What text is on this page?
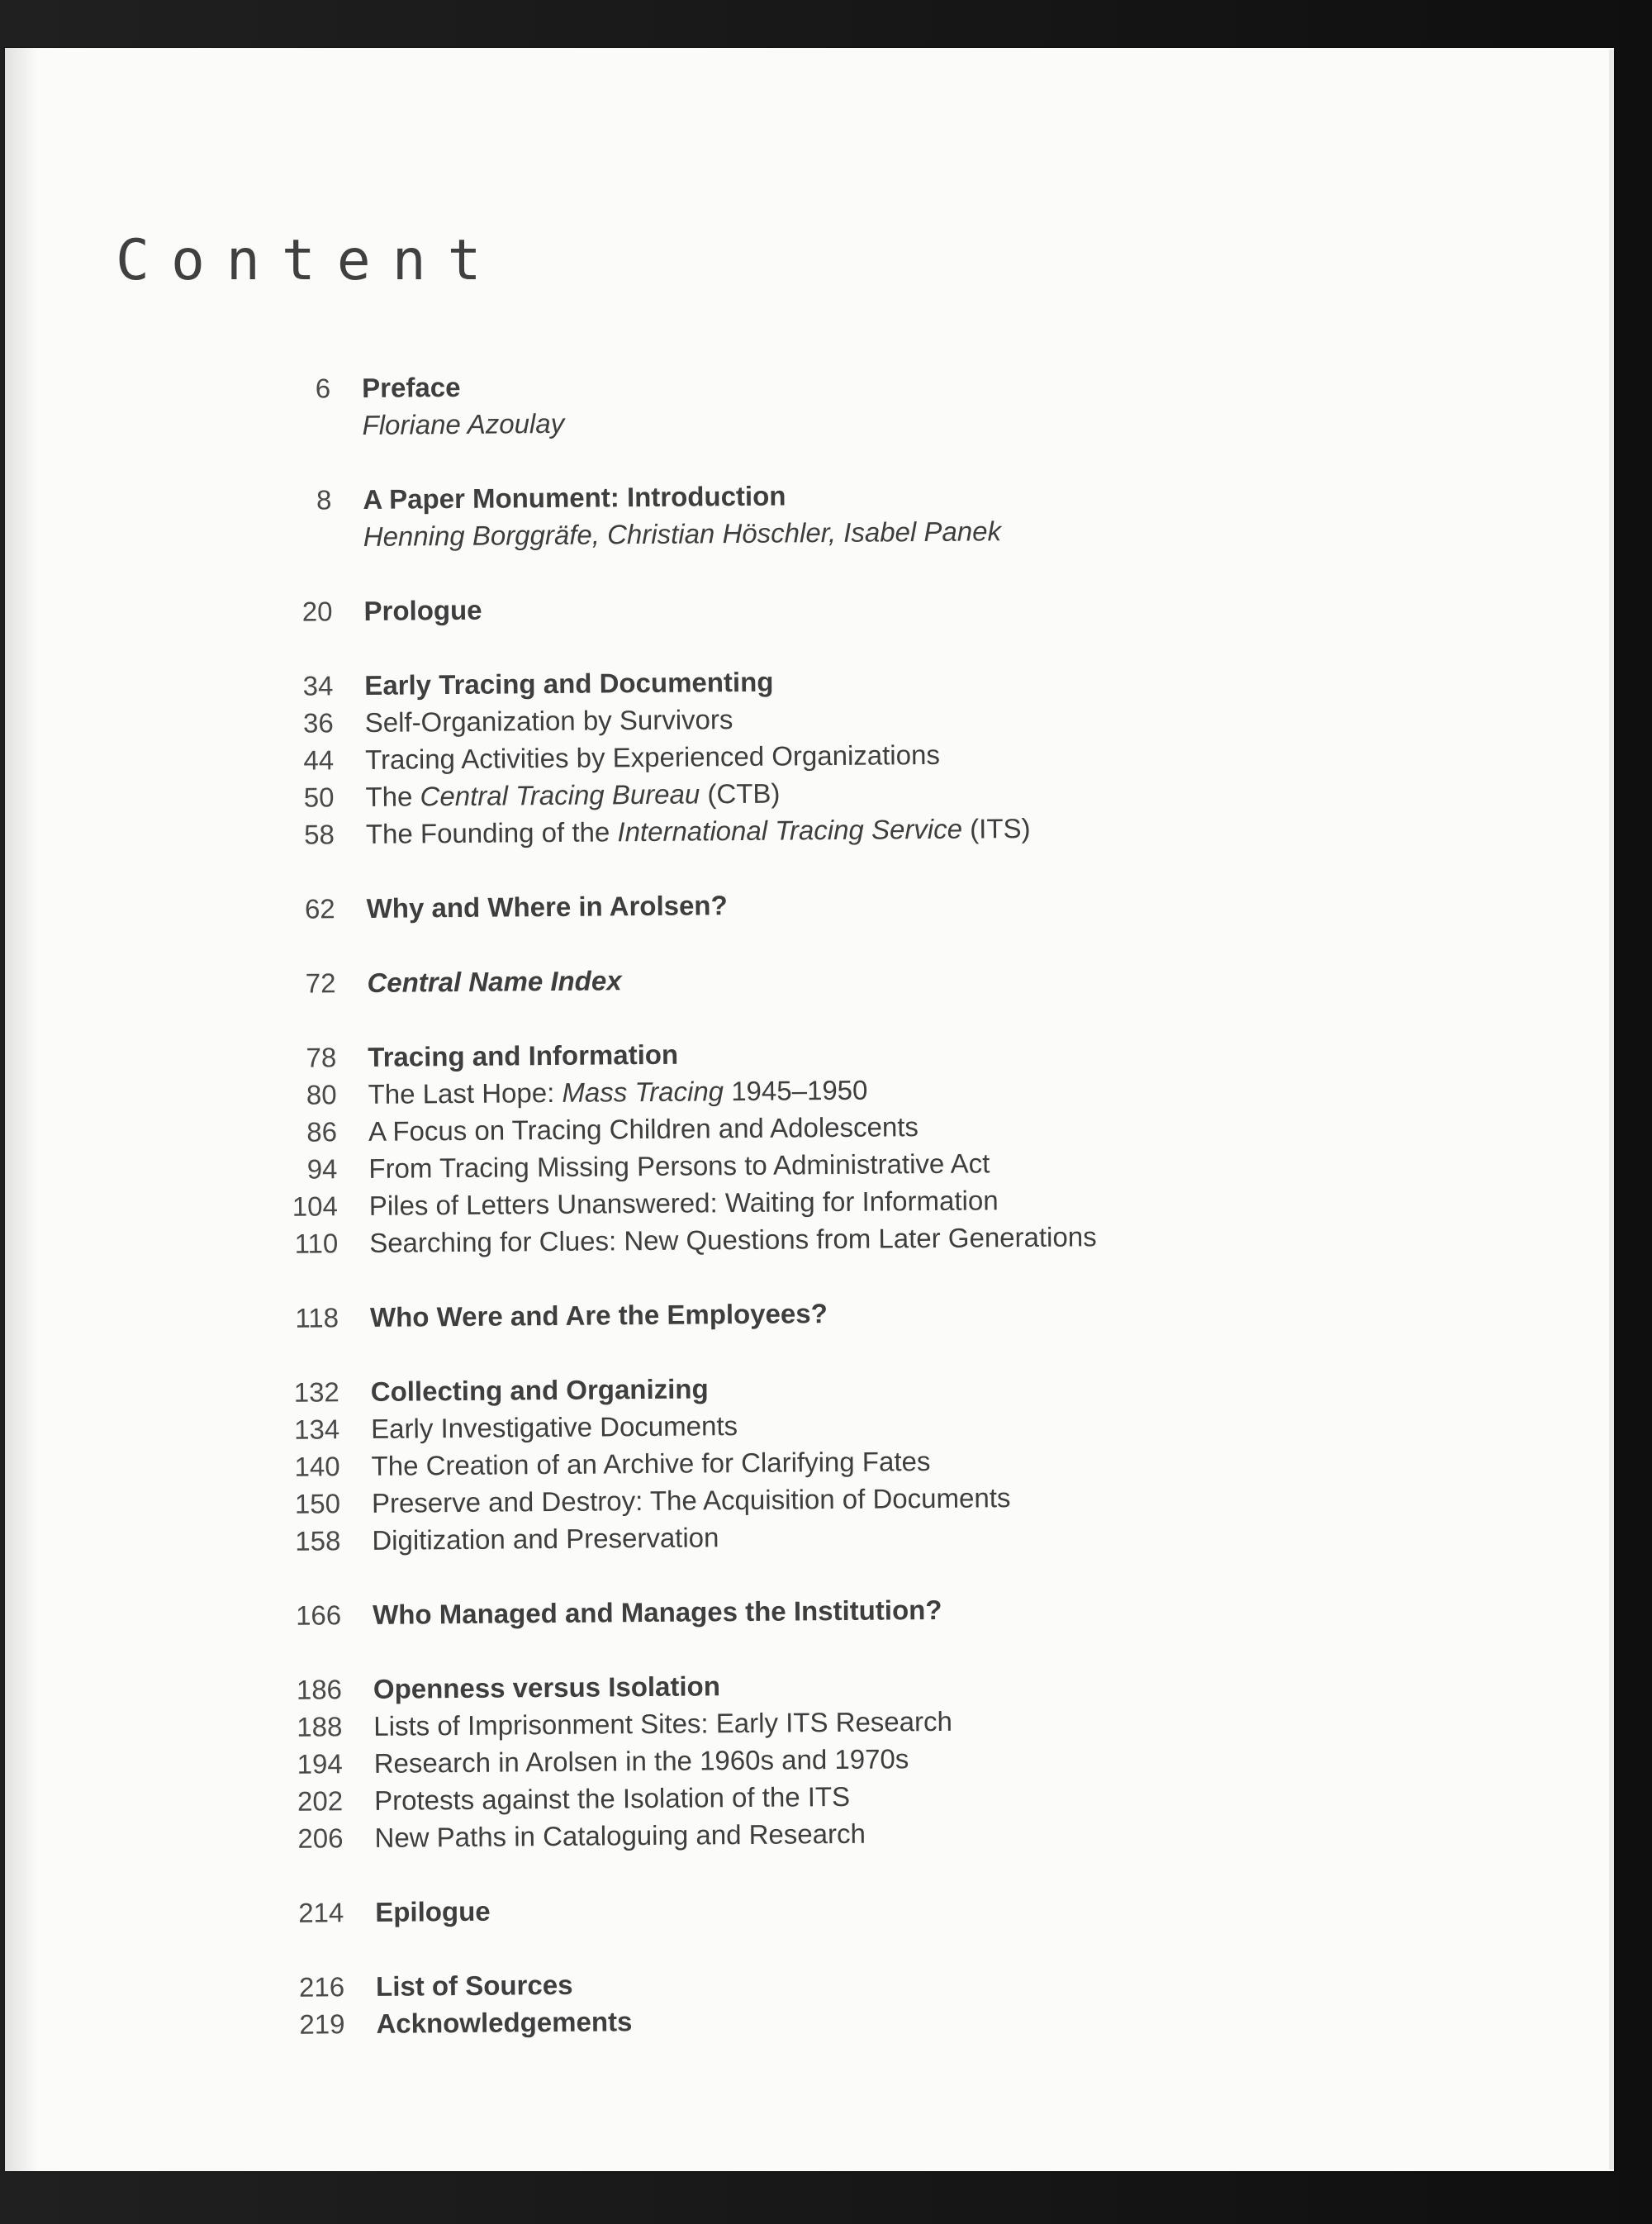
Content
6 Preface
Floriane Azoulay
8 A Paper Monument: Introduction
Henning Borggräfe, Christian Höschler, Isabel Panek
20 Prologue
34 Early Tracing and Documenting
36 Self-Organization by Survivors
44 Tracing Activities by Experienced Organizations
50 The Central Tracing Bureau (CTB)
58 The Founding of the International Tracing Service (ITS)
62 Why and Where in Arolsen?
72 Central Name Index
78 Tracing and Information
80 The Last Hope: Mass Tracing 1945–1950
86 A Focus on Tracing Children and Adolescents
94 From Tracing Missing Persons to Administrative Act
104 Piles of Letters Unanswered: Waiting for Information
110 Searching for Clues: New Questions from Later Generations
118 Who Were and Are the Employees?
132 Collecting and Organizing
134 Early Investigative Documents
140 The Creation of an Archive for Clarifying Fates
150 Preserve and Destroy: The Acquisition of Documents
158 Digitization and Preservation
166 Who Managed and Manages the Institution?
186 Openness versus Isolation
188 Lists of Imprisonment Sites: Early ITS Research
194 Research in Arolsen in the 1960s and 1970s
202 Protests against the Isolation of the ITS
206 New Paths in Cataloguing and Research
214 Epilogue
216 List of Sources
219 Acknowledgements
